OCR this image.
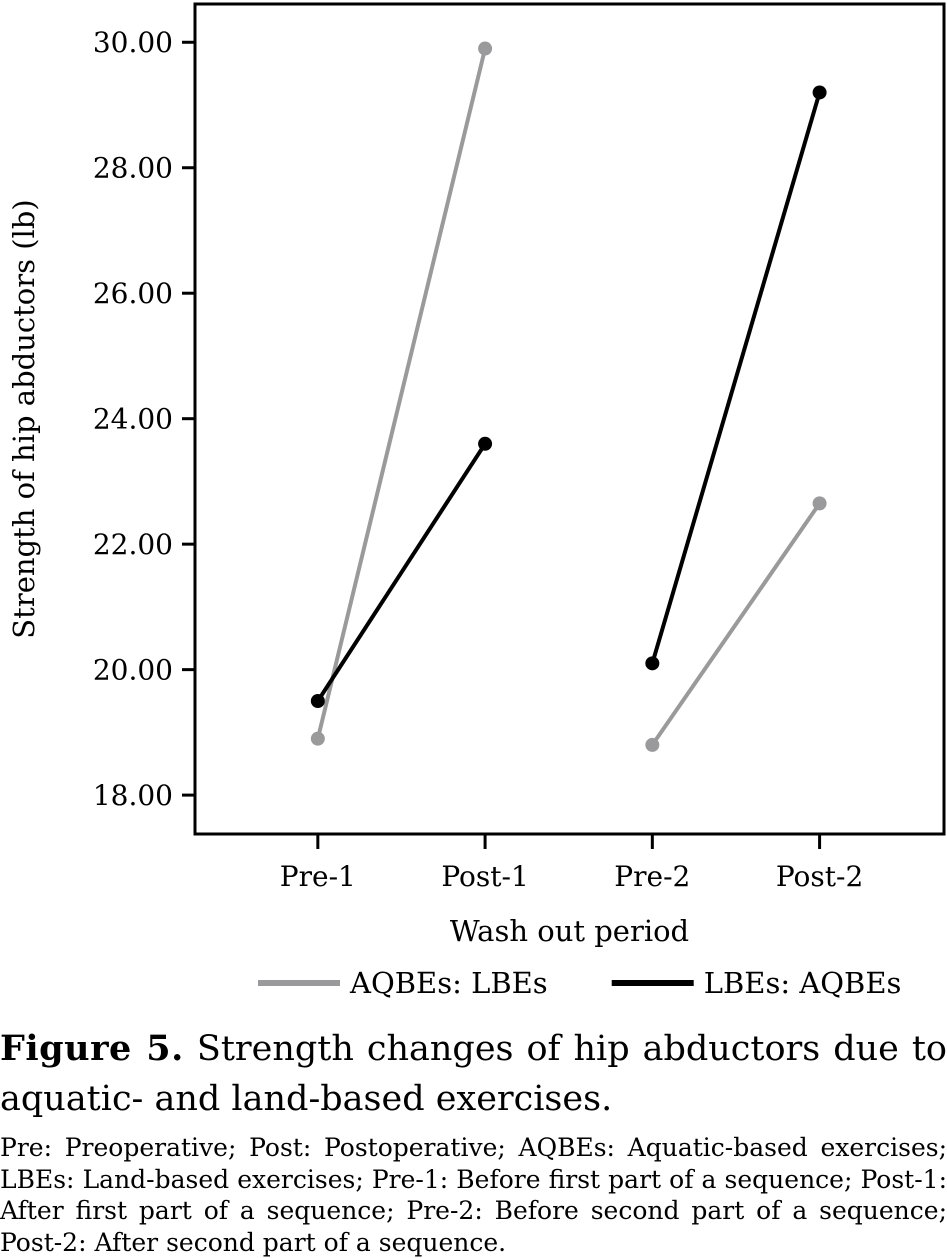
18.00
20.00
22.00
24.00
26.00
28.00
30.00
Pre-1	Post-1	Pre-2	Post-2
Wash out period
Strength of hip abductors (lb)
AQBEs: LBEs	LBEs: AQBEs
Figure 5. Strength changes of hip abductors due to aquatic- and land-based exercises.

Pre: Preoperative; Post: Postoperative; AQBEs: Aquatic-based exercises; LBEs: Land-based exercises; Pre-1: Before first part of a sequence; Post-1: After first part of a sequence; Pre-2: Before second part of a sequence; Post-2: After second part of a sequence.
